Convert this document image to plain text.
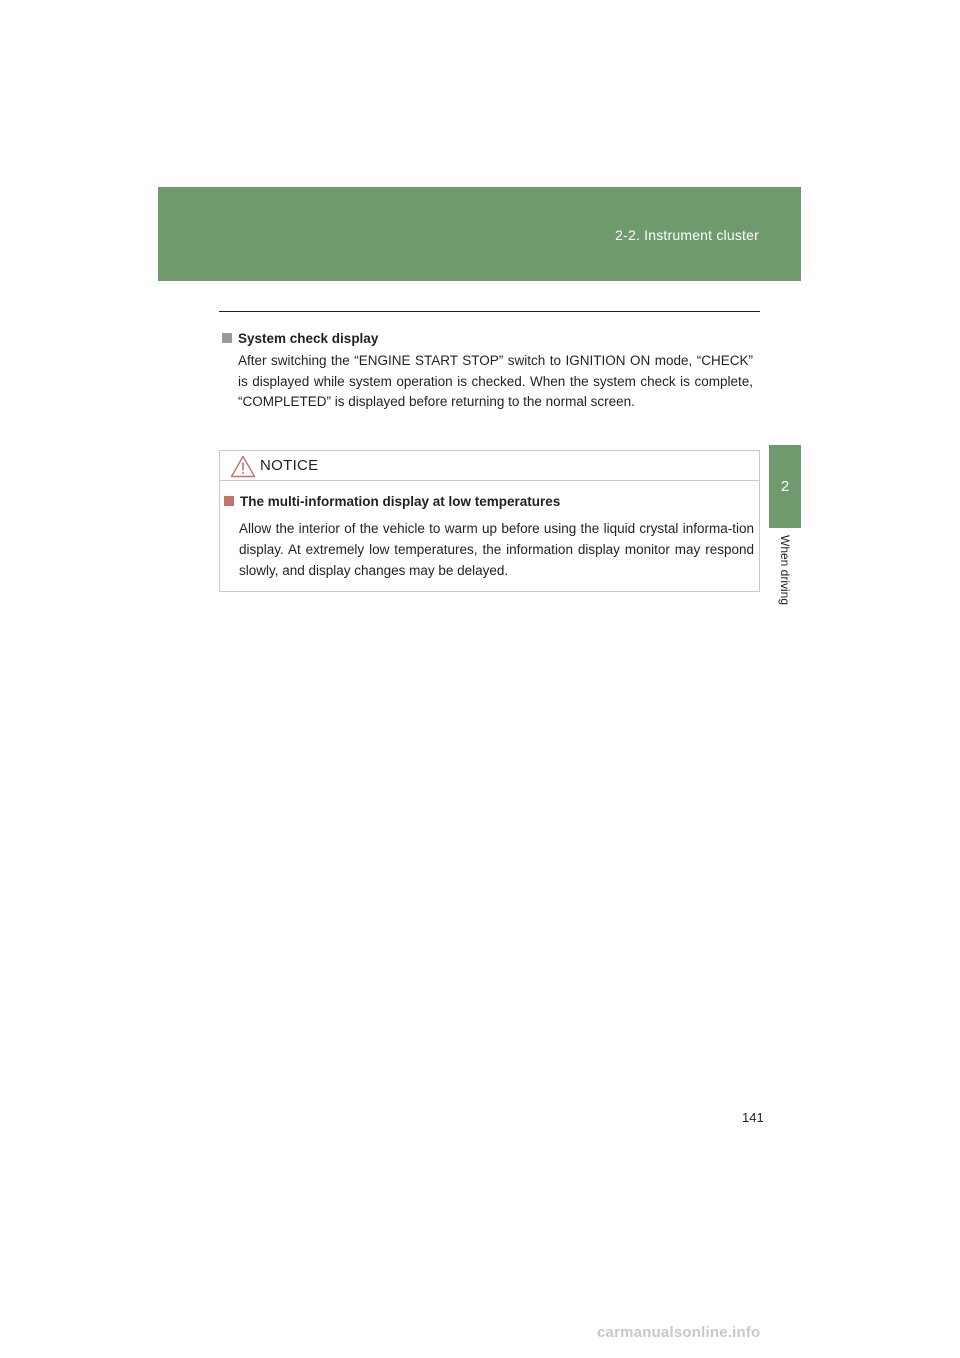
2-2. Instrument cluster
2
When driving
System check display

After switching the “ENGINE START STOP” switch to IGNITION ON mode, “CHECK” is displayed while system operation is checked. When the system check is complete, “COMPLETED” is displayed before returning to the normal screen.

NOTICE
The multi-information display at low temperatures

Allow the interior of the vehicle to warm up before using the liquid crystal informa-tion display. At extremely low temperatures, the information display monitor may respond slowly, and display changes may be delayed.

141
carmanualsonline.info
